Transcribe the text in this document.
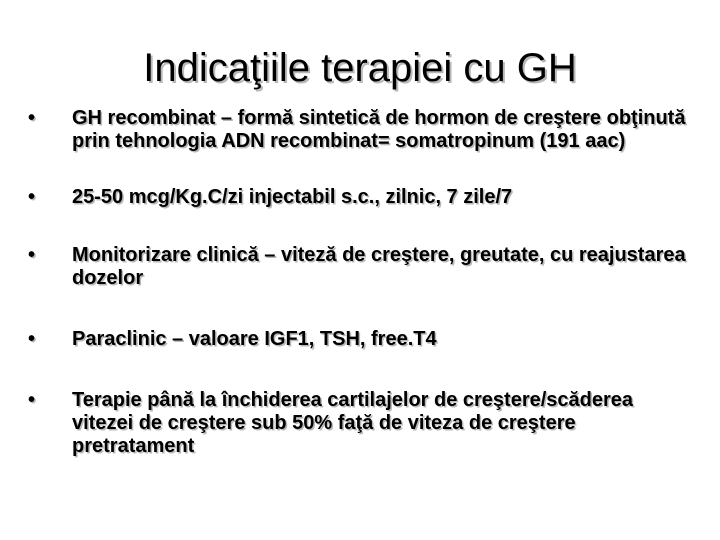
Indicaţiile terapiei cu GH
•	GH recombinat – formă sintetică de hormon de creştere obţinută prin tehnologia ADN recombinat= somatropinum (191 aac)
•	25-50 mcg/Kg.C/zi injectabil s.c., zilnic, 7 zile/7
•	Monitorizare clinică – viteză de creştere, greutate, cu reajustarea dozelor
•	Paraclinic – valoare IGF1, TSH, free.T4
•	Terapie până la închiderea cartilajelor de creştere/scăderea vitezei de creştere sub 50% faţă de viteza de creştere pretratament
